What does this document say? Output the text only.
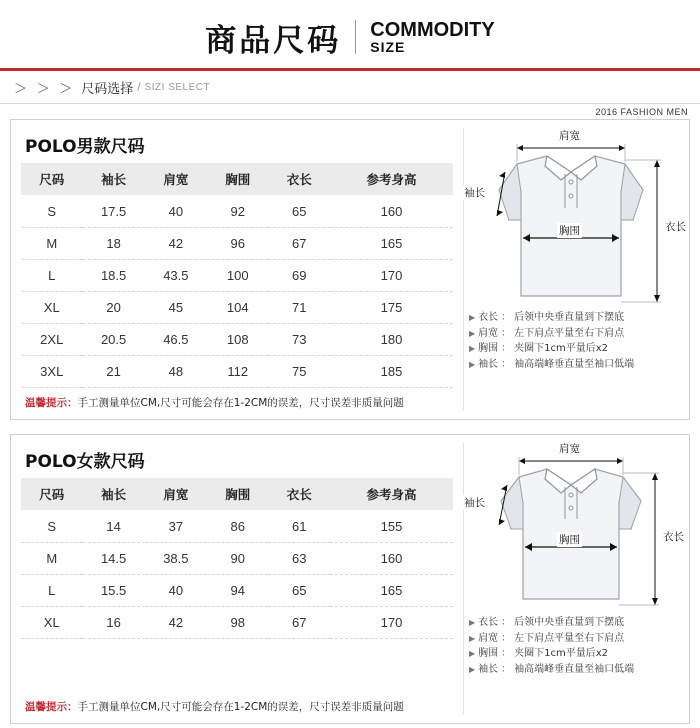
商品尺码 COMMODITY
SIZE
＞ ＞ ＞ 尺码选择 / SIZI SELECT
2016 FASHION MEN
POLO男款尺码
尺码	袖长	肩宽	胸围	衣长	参考身高
S	17.5	40	92	65	160
M	18	42	96	67	165
L	18.5	43.5	100	69	170
XL	20	45	104	71	175
2XL	20.5	46.5	108	73	180
3XL	21	48	112	75	185
温馨提示：手工测量单位CM,尺寸可能会存在1-2CM的误差，尺寸误差非质量问题
肩宽
袖长
胸围	衣长
▶ 衣长 ： 后领中央垂直量到下摆底
▶ 肩宽 ： 左下肩点平量至右下肩点
▶ 胸围 ： 夹圈下1cm平量后x2
▶ 袖长 ： 袖高端峰垂直量至袖口低端
POLO女款尺码
尺码	袖长	肩宽	胸围	衣长	参考身高
S	14	37	86	61	155
M	14.5	38.5	90	63	160
L	15.5	40	94	65	165
XL	16	42	98	67	170
温馨提示：手工测量单位CM,尺寸可能会存在1-2CM的误差，尺寸误差非质量问题
肩宽
袖长
胸围	衣长
▶ 衣长 ： 后领中央垂直量到下摆底
▶ 肩宽 ： 左下肩点平量至右下肩点
▶ 胸围 ： 夹圈下1cm平量后x2
▶ 袖长 ： 袖高端峰垂直量至袖口低端
